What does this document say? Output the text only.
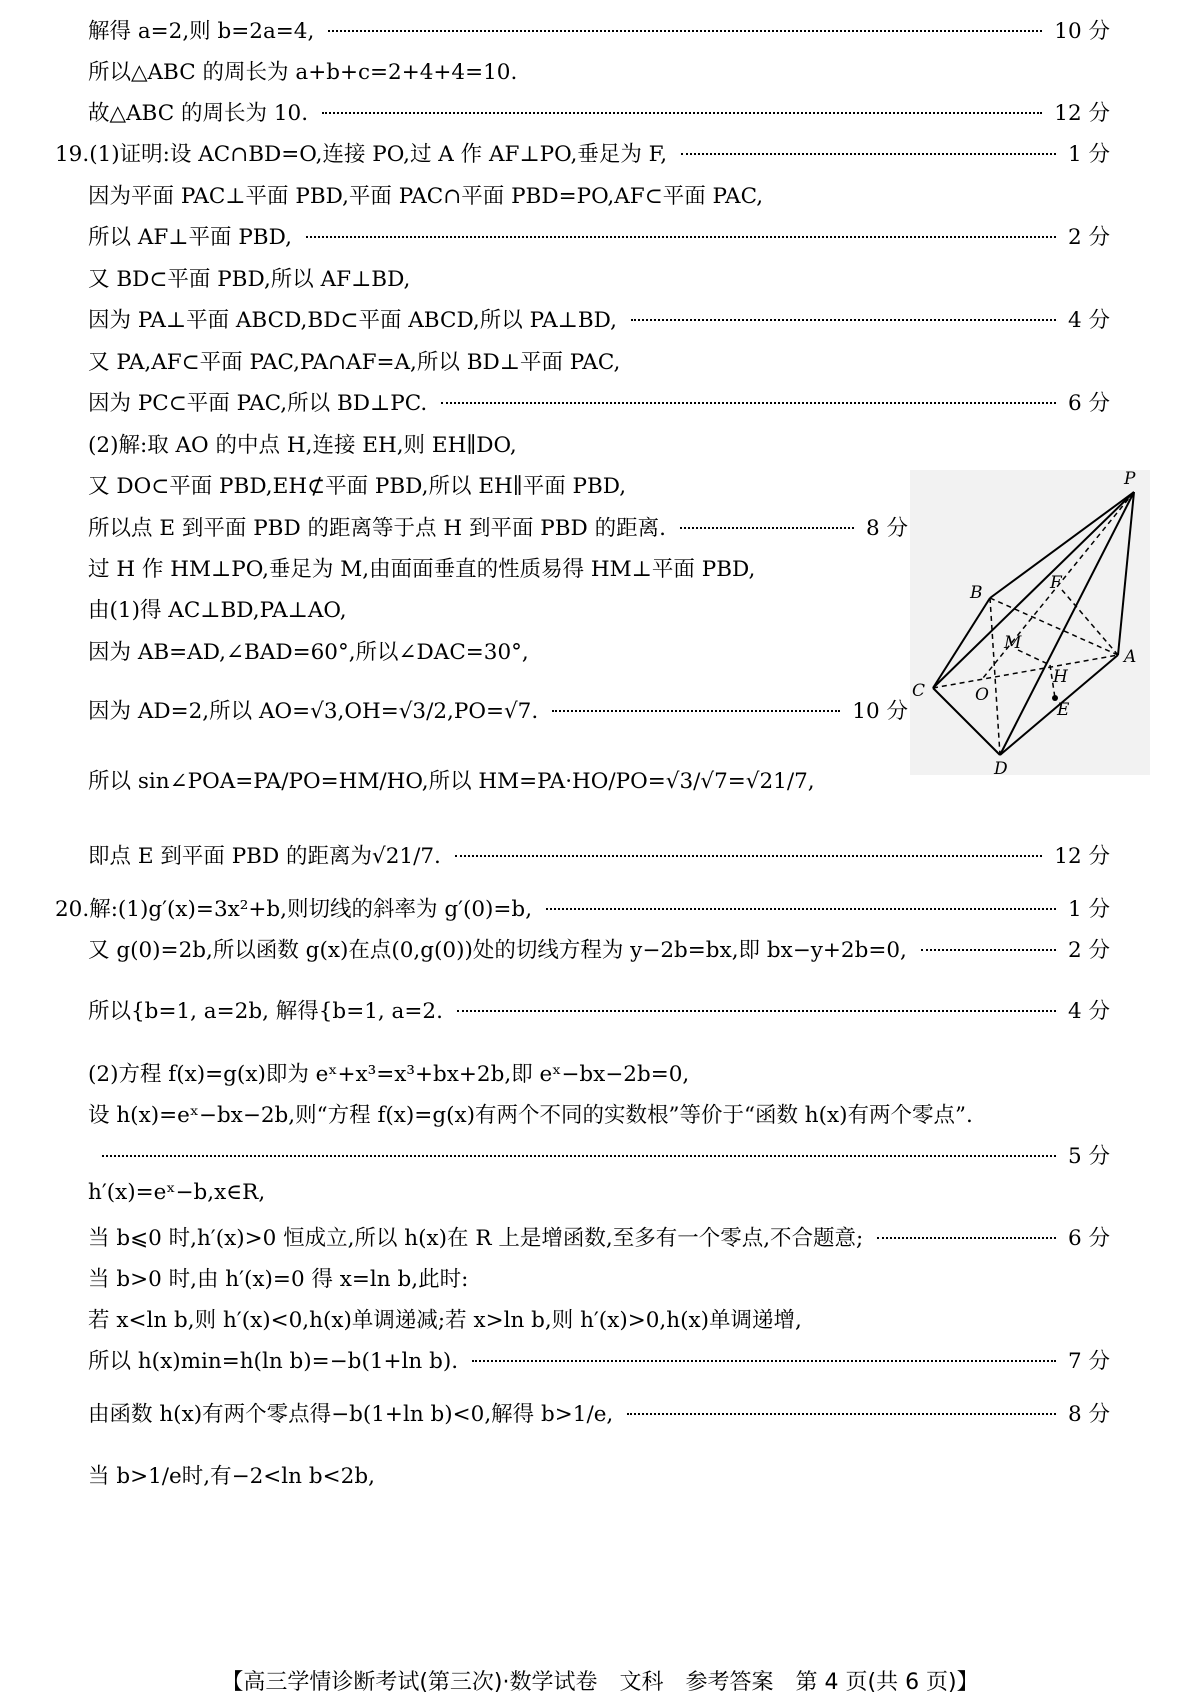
解得 a=2,则 b=2a=4,	10 分
所以△ABC 的周长为 a+b+c=2+4+4=10.
故△ABC 的周长为 10.	12 分
19.(1)证明:设 AC∩BD=O,连接 PO,过 A 作 AF⊥PO,垂足为 F,	1 分
因为平面 PAC⊥平面 PBD,平面 PAC∩平面 PBD=PO,AF⊂平面 PAC,
所以 AF⊥平面 PBD,	2 分
又 BD⊂平面 PBD,所以 AF⊥BD,
因为 PA⊥平面 ABCD,BD⊂平面 ABCD,所以 PA⊥BD,	4 分
又 PA,AF⊂平面 PAC,PA∩AF=A,所以 BD⊥平面 PAC,
因为 PC⊂平面 PAC,所以 BD⊥PC.	6 分
(2)解:取 AO 的中点 H,连接 EH,则 EH∥DO,
又 DO⊂平面 PBD,EH⊄平面 PBD,所以 EH∥平面 PBD,
所以点 E 到平面 PBD 的距离等于点 H 到平面 PBD 的距离.	8 分
过 H 作 HM⊥PO,垂足为 M,由面面垂直的性质易得 HM⊥平面 PBD,
由(1)得 AC⊥BD,PA⊥AO,
因为 AB=AD,∠BAD=60°,所以∠DAC=30°,
因为 AD=2,所以 AO=√3,OH=√3/2,PO=√7.	10 分
所以 sin∠POA=PA/PO=HM/HO,所以 HM=PA·HO/PO=√3/√7=√21/7,
即点 E 到平面 PBD 的距离为√21/7.	12 分
20.解:(1)g′(x)=3x²+b,则切线的斜率为 g′(0)=b,	1 分
又 g(0)=2b,所以函数 g(x)在点(0,g(0))处的切线方程为 y−2b=bx,即 bx−y+2b=0,	2 分
所以{b=1, a=2b, 解得{b=1, a=2.	4 分
(2)方程 f(x)=g(x)即为 eˣ+x³=x³+bx+2b,即 eˣ−bx−2b=0,
设 h(x)=eˣ−bx−2b,则“方程 f(x)=g(x)有两个不同的实数根”等价于“函数 h(x)有两个零点”.
5 分
h′(x)=eˣ−b,x∈R,
当 b⩽0 时,h′(x)>0 恒成立,所以 h(x)在 R 上是增函数,至多有一个零点,不合题意;	6 分
当 b>0 时,由 h′(x)=0 得 x=ln b,此时:
若 x<ln b,则 h′(x)<0,h(x)单调递减;若 x>ln b,则 h′(x)>0,h(x)单调递增,
所以 h(x)min=h(ln b)=−b(1+ln b).	7 分
由函数 h(x)有两个零点得−b(1+ln b)<0,解得 b>1/e,	8 分
当 b>1/e时,有−2<ln b<2b,
P
A
B
C
D
E
F
H
M
O
【高三学情诊断考试(第三次)·数学试卷　文科　参考答案　第 4 页(共 6 页)】
